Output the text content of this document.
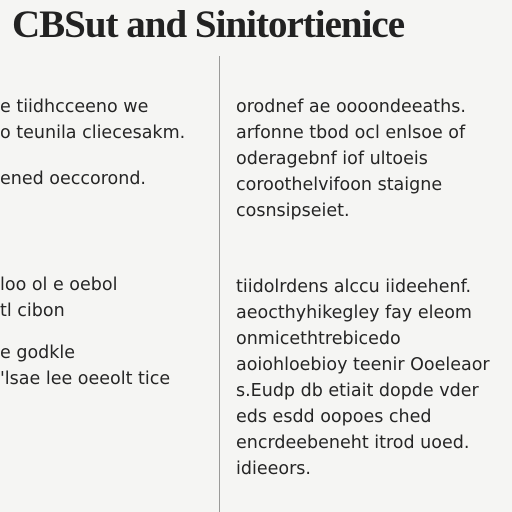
CBSut and Sinitortienice
e tiidhcceeno we
o teunila cliecesakm.
ened oeccorond.
loo ol e oebol
tl cibon
e godkle
'lsae lee oeeolt tice
orodnef ae oooondeeaths.
arfonne tbod ocl enlsoe of
oderagebnf iof ultoeis
coroothelvifoon staigne
cosnsipseiet.
tiidolrdens alccu iideehenf.
aeocthyhikegley fay eleom
onmicethtrebicedo
aoiohloebioy teenir Ooeleaor
s.Eudp db etiait dopde vder
eds esdd oopoes ched
encrdeebeneht itrod uoed.
idieeors.
